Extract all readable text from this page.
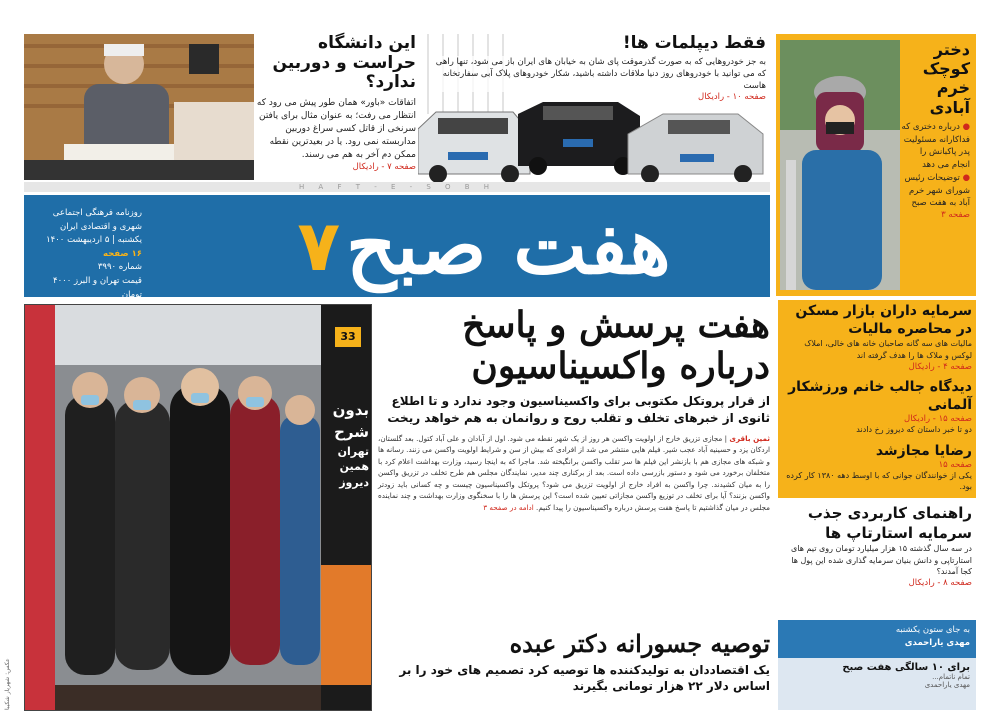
این دانشگاه حراست و دوربین ندارد؟
اتفاقات «باور» همان طور پیش می رود که انتظار می رفت؛ به عنوان مثال برای یافتن سرنخی از قاتل کسی سراغ دوربین مداربسته نمی رود. یا در بعیدترین نقطه ممکن دم آخر به هم می رسند.
صفحه ۷ - رادیکال
فقط دیپلمات ها!
به جز خودروهایی که به صورت گذرموقت پای شان به خیابان های ایران باز می شود، تنها راهی که می توانید با خودروهای روز دنیا ملاقات داشته باشید، شکار خودروهای پلاک آبی سفارتخانه هاست
صفحه ۱۰ - رادیکال
دختر کوچک خرم آبادی
● درباره دختری که فداکارانه مسئولیت پدر پاکبانش را انجام می دهد
● توضیحات رئیس شورای شهر خرم آباد به هفت صبح
صفحه ۳
H A F T - E - S O B H
روزنامه فرهنگی اجتماعی
شهری و اقتصادی ایران
یکشنبه | ۵ اردیبهشت ۱۴۰۰
۱۶ صفحه
شماره ۳۹۹۰
قیمت تهران و البرز ۴۰۰۰ تومان
هفت صبح
۷
33
بدون
شرح
تهران
همین
دیروز
عکس: شهریار شکیبا
هفت پرسش و پاسخ
درباره واکسیناسیون
از قرار پروتکل مکتوبی برای واکسیناسیون وجود ندارد و تا اطلاع ثانوی از خبرهای تخلف و تقلب روح و روانمان به هم خواهد ریخت
ثمین باقری | مجازی تزریق خارج از اولویت واکسن هر روز از یک شهر نقطه می شود. اول از آبادان و علی آباد کتول. بعد گلستان، اردکان یزد و حسینیه آباد عجب شیر. فیلم هایی منتشر می شد از افرادی که بیش از سن و شرایط اولویت واکسن می زنند. رسانه ها و شبکه های مجازی هم با بازنشر این فیلم ها سر تقلب واکسن برانگیخته شد. ماجرا که به اینجا رسید، وزارت بهداشت اعلام کرد با متخلفان برخورد می شود و دستور بازرسی داده است. بعد از برکناری چند مدیر، نمایندگان مجلس هم طرح تخلف در تزریق واکسن را به میان کشیدند. چرا واکسن به افراد خارج از اولویت تزریق می شود؟ پروتکل واکسیناسیون چیست و چه کسانی باید زودتر واکسن بزنند؟ آیا برای تخلف در توزیع واکسن مجازاتی تعیین شده است؟ این پرسش ها را با سخنگوی وزارت بهداشت و چند نماینده مجلس در میان گذاشتیم تا پاسخ هفت پرسش درباره واکسیناسیون را پیدا کنیم. ادامه در صفحه ۳
سرمایه داران بازار مسکن در محاصره مالیات
مالیات های سه گانه صاحبان خانه های خالی، املاک لوکس و ملاک ها را هدف گرفته اند
صفحه ۴ - رادیکال
دیدگاه جالب خانم ورزشکار آلمانی
صفحه ۱۵ - رادیکال
دو تا خبر داستان که دیروز رخ دادند
رضایا مجازشد
صفحه ۱۵
یکی از خوانندگان جوانی که با اوسط دهه ۱۳۸۰ کار کرده بود.
راهنمای کاربردی جذب سرمایه استارتاپ ها
در سه سال گذشته ۱۵ هزار میلیارد تومان روی تیم های استارتاپی و دانش بنیان سرمایه گذاری شده این پول ها کجا آمدند؟
صفحه ۸ - رادیکال
توصیه جسورانه دکتر عبده
یک اقتصاددان به تولیدکننده ها توصیه کرد تصمیم های خود را بر اساس دلار ۲۲ هزار تومانی بگیرند
به جای ستون یکشنبه
مهدی یاراحمدی
برای ۱۰ سالگی هفت صبح
تمام ناتمام...
مهدی یاراحمدی
